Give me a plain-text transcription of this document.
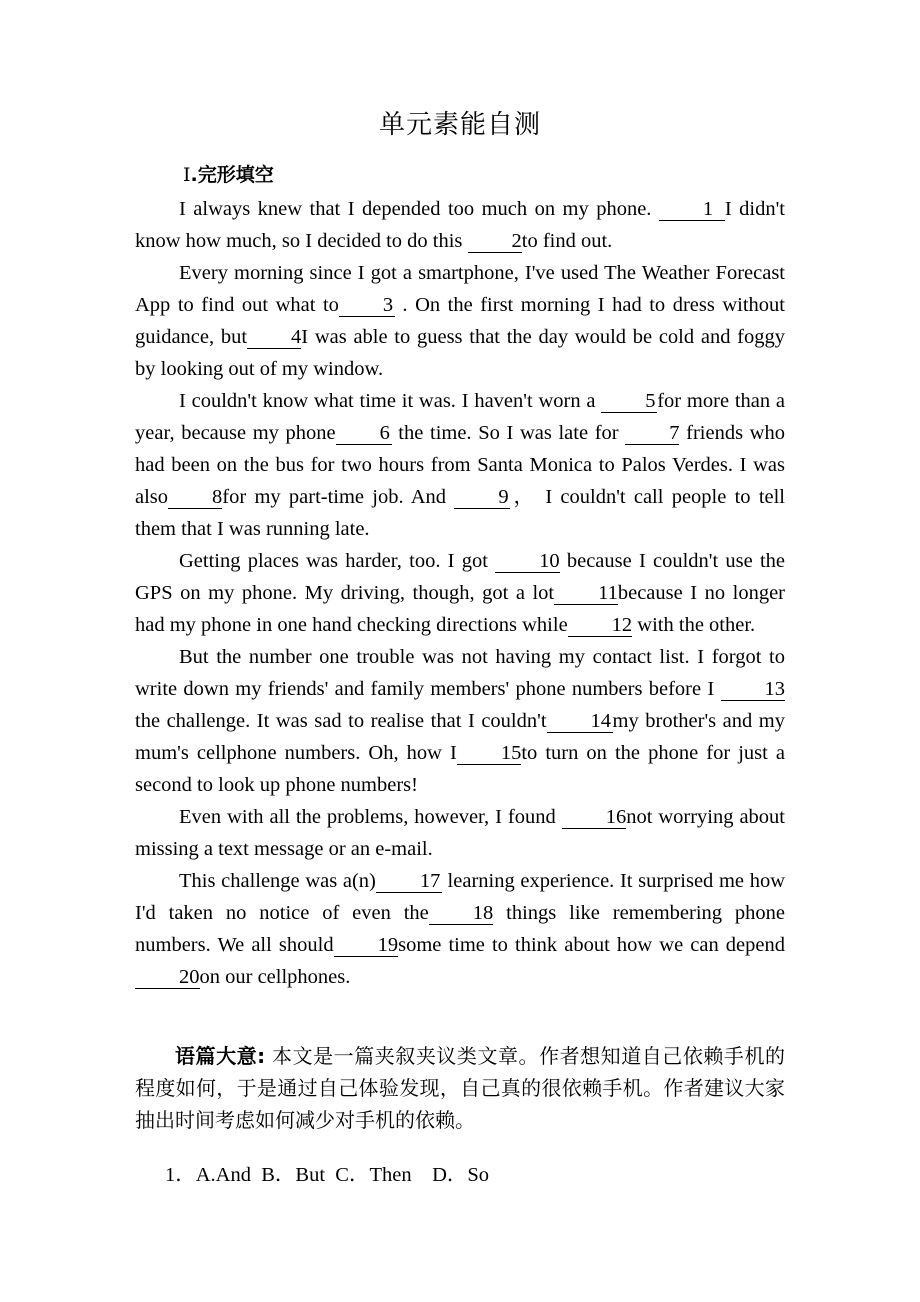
单元素能自测
Ⅰ.完形填空

I always knew that I depended too much on my phone. 1 I didn't know how much, so I decided to do this 2to find out.

Every morning since I got a smartphone, I've used The Weather Forecast App to find out what to 3 . On the first morning I had to dress without guidance, but 4I was able to guess that the day would be cold and foggy by looking out of my window.

I couldn't know what time it was. I haven't worn a 5for more than a year, because my phone 6 the time. So I was late for 7 friends who had been on the bus for two hours from Santa Monica to Palos Verdes. I was also 8for my part-time job. And 9， I couldn't call people to tell them that I was running late.

Getting places was harder, too. I got 10 because I couldn't use the GPS on my phone. My driving, though, got a lot 11because I no longer had my phone in one hand checking directions while 12 with the other.

But the number one trouble was not having my contact list. I forgot to write down my friends' and family members' phone numbers before I 13 the challenge. It was sad to realise that I couldn't 14my brother's and my mum's cellphone numbers. Oh, how I 15to turn on the phone for just a second to look up phone numbers!

Even with all the problems, however, I found 16not worrying about missing a text message or an e-mail.

This challenge was a(n) 17 learning experience. It surprised me how I'd taken no notice of even the 18 things like remembering phone numbers. We all should 19some time to think about how we can depend20on our cellphones.

语篇大意: 本文是一篇夹叙夹议类文章。作者想知道自己依赖手机的程度如何，于是通过自己体验发现，自己真的很依赖手机。作者建议大家抽出时间考虑如何减少对手机的依赖。
1．A.And  B．But  C．Then    D．So
